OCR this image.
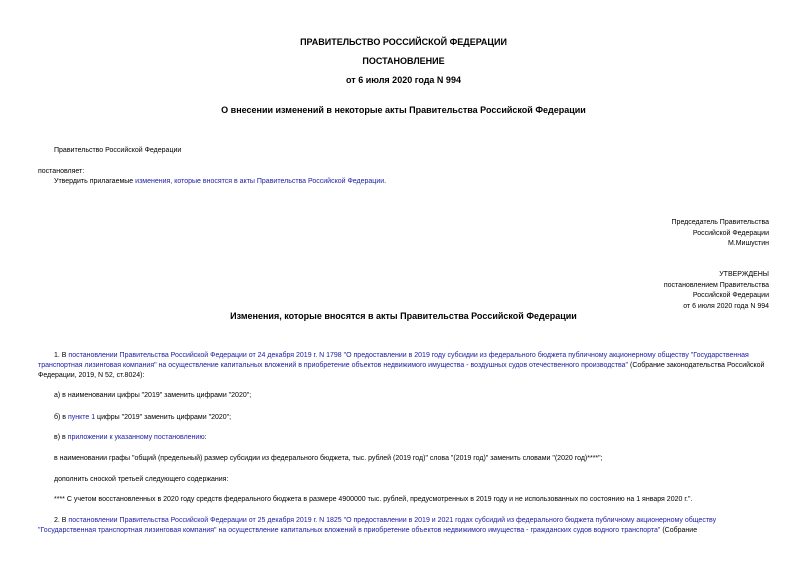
ПРАВИТЕЛЬСТВО РОССИЙСКОЙ ФЕДЕРАЦИИ
ПОСТАНОВЛЕНИЕ
от 6 июля 2020 года N 994
О внесении изменений в некоторые акты Правительства Российской Федерации
Правительство Российской Федерации
постановляет:
Утвердить прилагаемые изменения, которые вносятся в акты Правительства Российской Федерации.
Председатель Правительства
Российской Федерации
М.Мишустин
УТВЕРЖДЕНЫ
постановлением Правительства
Российской Федерации
от 6 июля 2020 года N 994
Изменения, которые вносятся в акты Правительства Российской Федерации
1. В постановлении Правительства Российской Федерации от 24 декабря 2019 г. N 1798 "О предоставлении в 2019 году субсидии из федерального бюджета публичному акционерному обществу "Государственная транспортная лизинговая компания" на осуществление капитальных вложений в приобретение объектов недвижимого имущества - воздушных судов отечественного производства" (Собрание законодательства Российской Федерации, 2019, N 52, ст.8024):
а) в наименовании цифры "2019" заменить цифрами "2020";
б) в пункте 1 цифры "2019" заменить цифрами "2020";
в) в приложении к указанному постановлению:
в наименовании графы "общий (предельный) размер субсидии из федерального бюджета, тыс. рублей (2019 год)" слова "(2019 год)" заменить словами "(2020 год)****";
дополнить сноской третьей следующего содержания:
**** С учетом восстановленных в 2020 году средств федерального бюджета в размере 4900000 тыс. рублей, предусмотренных в 2019 году и не использованных по состоянию на 1 января 2020 г.".
2. В постановлении Правительства Российской Федерации от 25 декабря 2019 г. N 1825 "О предоставлении в 2019 и 2021 годах субсидий из федерального бюджета публичному акционерному обществу "Государственная транспортная лизинговая компания" на осуществление капитальных вложений в приобретение объектов недвижимого имущества - гражданских судов водного транспорта" (Собрание
